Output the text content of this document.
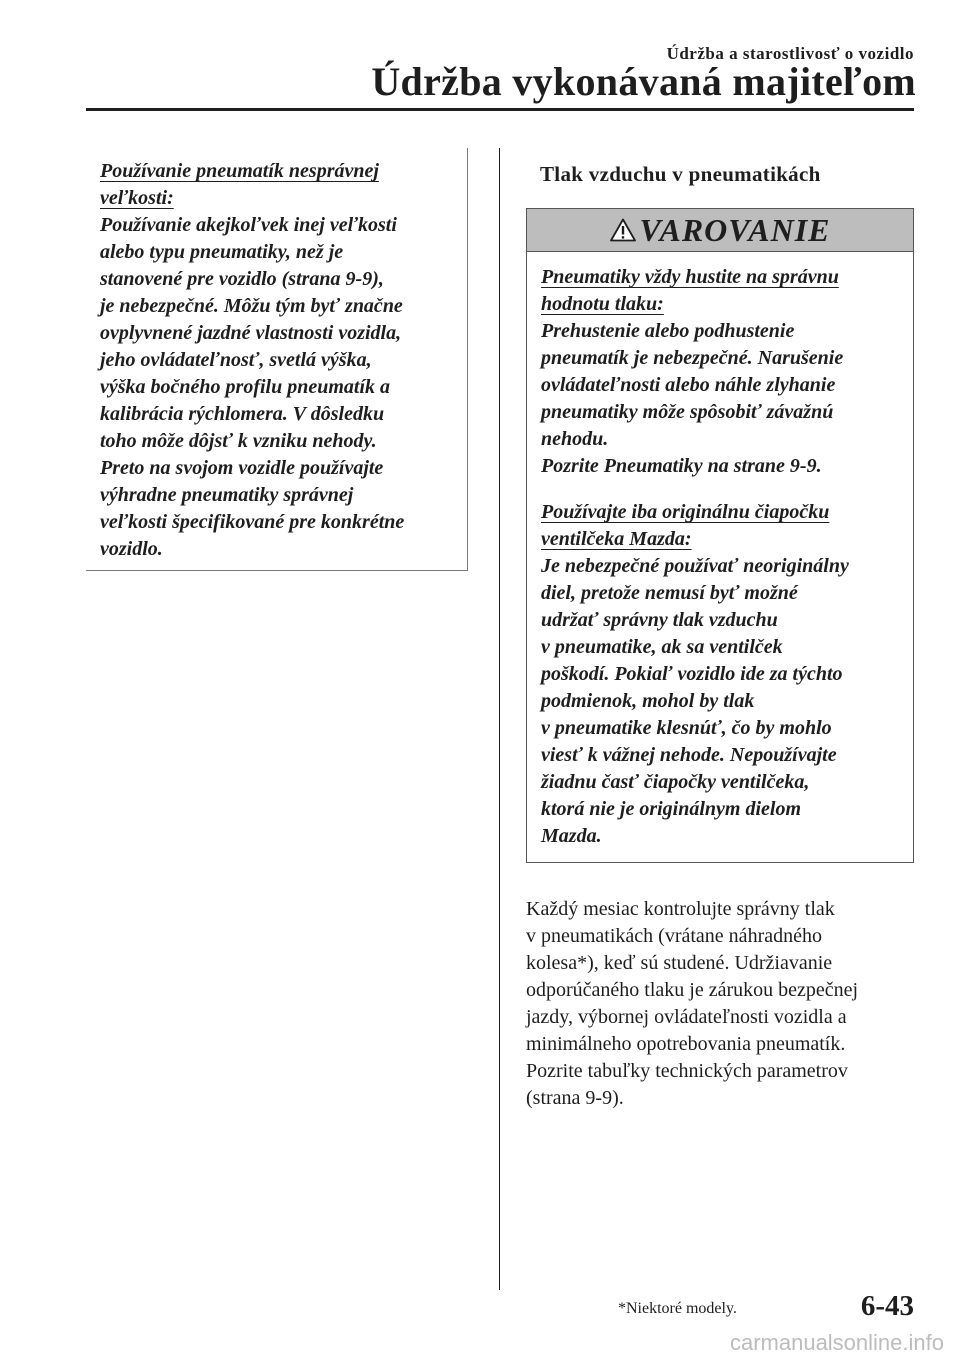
Údržba a starostlivosť o vozidlo
Údržba vykonávaná majiteľom

Používanie pneumatík nesprávnej

veľkosti:

Používanie akejkoľvek inej veľkosti

alebo typu pneumatiky, než je

stanovené pre vozidlo (strana 9-9),

je nebezpečné. Môžu tým byť značne

ovplyvnené jazdné vlastnosti vozidla,

jeho ovládateľnosť, svetlá výška,

výška bočného profilu pneumatík a

kalibrácia rýchlomera. V dôsledku

toho môže dôjsť k vzniku nehody.

Preto na svojom vozidle používajte

výhradne pneumatiky správnej

veľkosti špecifikované pre konkrétne

vozidlo.

Tlak vzduchu v pneumatikách
VAROVANIE

Pneumatiky vždy hustite na správnu

hodnotu tlaku:

Prehustenie alebo podhustenie

pneumatík je nebezpečné. Narušenie

ovládateľnosti alebo náhle zlyhanie

pneumatiky môže spôsobiť závažnú

nehodu.

Pozrite Pneumatiky na strane 9-9.

Používajte iba originálnu čiapočku

ventilčeka Mazda:

Je nebezpečné používať neoriginálny

diel, pretože nemusí byť možné

udržať správny tlak vzduchu

v pneumatike, ak sa ventilček

poškodí. Pokiaľ vozidlo ide za týchto

podmienok, mohol by tlak

v pneumatike klesnúť, čo by mohlo

viesť k vážnej nehode. Nepoužívajte

žiadnu časť čiapočky ventilčeka,

ktorá nie je originálnym dielom

Mazda.

Každý mesiac kontrolujte správny tlak

v pneumatikách (vrátane náhradného

kolesa*), keď sú studené. Udržiavanie

odporúčaného tlaku je zárukou bezpečnej

jazdy, výbornej ovládateľnosti vozidla a

minimálneho opotrebovania pneumatík.

Pozrite tabuľky technických parametrov

(strana 9-9).

*Niektoré modely.	6-43
carmanualsonline.info
